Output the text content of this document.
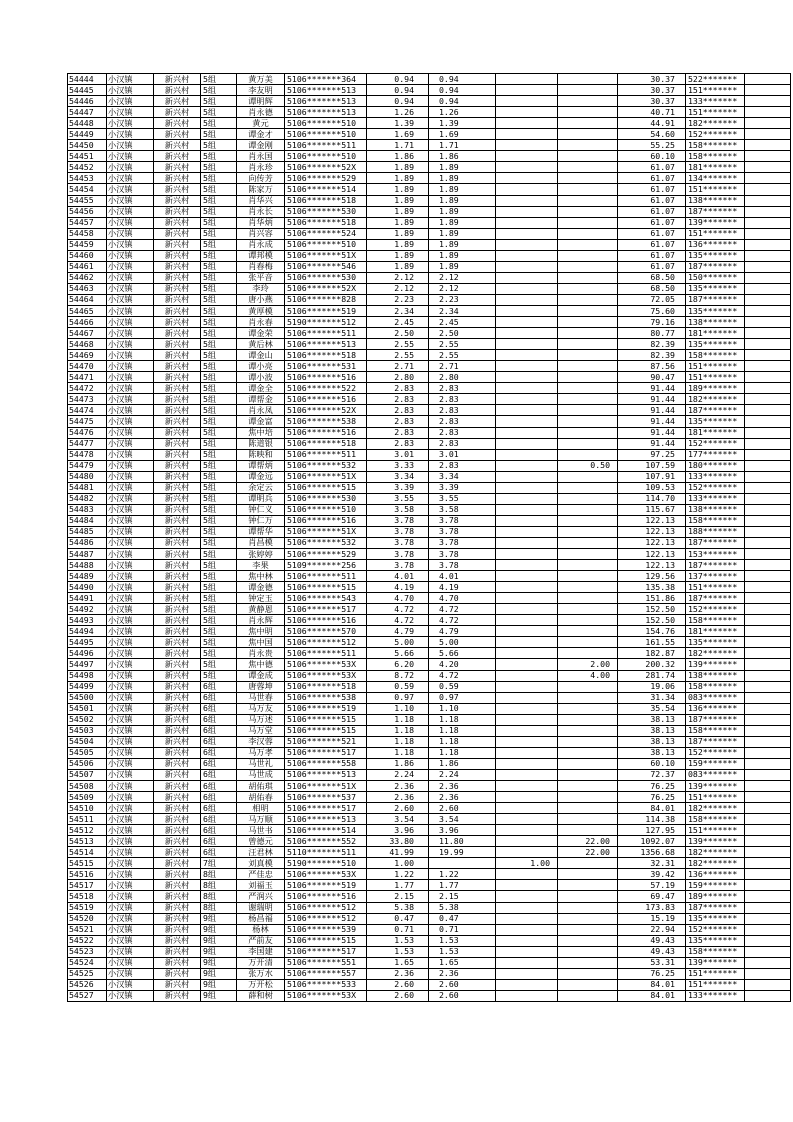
54444	小汉镇	新兴村	5组	黄万美	5106*******364	0.94	0.94			30.37	522*******	
54445	小汉镇	新兴村	5组	李友明	5106*******513	0.94	0.94			30.37	151*******	
54446	小汉镇	新兴村	5组	谭明辉	5106*******513	0.94	0.94			30.37	133*******	
54447	小汉镇	新兴村	5组	肖永德	5106*******513	1.26	1.26			40.71	151*******	
54448	小汉镇	新兴村	5组	黄元	5106*******510	1.39	1.39			44.91	182*******	
54449	小汉镇	新兴村	5组	谭金才	5106*******510	1.69	1.69			54.60	152*******	
54450	小汉镇	新兴村	5组	谭金刚	5106*******511	1.71	1.71			55.25	158*******	
54451	小汉镇	新兴村	5组	肖永国	5106*******510	1.86	1.86			60.10	158*******	
54452	小汉镇	新兴村	5组	肖永珍	5106*******52X	1.89	1.89			61.07	181*******	
54453	小汉镇	新兴村	5组	向传芳	5106*******529	1.89	1.89			61.07	134*******	
54454	小汉镇	新兴村	5组	陈家万	5106*******514	1.89	1.89			61.07	151*******	
54455	小汉镇	新兴村	5组	肖华兴	5106*******518	1.89	1.89			61.07	138*******	
54456	小汉镇	新兴村	5组	肖永长	5106*******530	1.89	1.89			61.07	187*******	
54457	小汉镇	新兴村	5组	肖华炳	5106*******518	1.89	1.89			61.07	139*******	
54458	小汉镇	新兴村	5组	肖兴容	5106*******524	1.89	1.89			61.07	151*******	
54459	小汉镇	新兴村	5组	肖永成	5106*******510	1.89	1.89			61.07	136*******	
54460	小汉镇	新兴村	5组	谭邦模	5106*******51X	1.89	1.89			61.07	135*******	
54461	小汉镇	新兴村	5组	肖春梅	5106*******546	1.89	1.89			61.07	187*******	
54462	小汉镇	新兴村	5组	张平音	5106*******530	2.12	2.12			68.50	150*******	
54463	小汉镇	新兴村	5组	李玲	5106*******52X	2.12	2.12			68.50	135*******	
54464	小汉镇	新兴村	5组	唐小燕	5106*******828	2.23	2.23			72.05	187*******	
54465	小汉镇	新兴村	5组	黄厚模	5106*******519	2.34	2.34			75.60	135*******	
54466	小汉镇	新兴村	5组	肖永春	5190*******512	2.45	2.45			79.16	138*******	
54467	小汉镇	新兴村	5组	谭金荣	5106*******511	2.50	2.50			80.77	181*******	
54468	小汉镇	新兴村	5组	黄后林	5106*******513	2.55	2.55			82.39	135*******	
54469	小汉镇	新兴村	5组	谭金山	5106*******518	2.55	2.55			82.39	158*******	
54470	小汉镇	新兴村	5组	谭小亮	5106*******531	2.71	2.71			87.56	151*******	
54471	小汉镇	新兴村	5组	谭小波	5106*******516	2.80	2.80			90.47	151*******	
54472	小汉镇	新兴村	5组	谭金全	5106*******522	2.83	2.83			91.44	189*******	
54473	小汉镇	新兴村	5组	谭帮金	5106*******516	2.83	2.83			91.44	182*******	
54474	小汉镇	新兴村	5组	肖永凤	5106*******52X	2.83	2.83			91.44	187*******	
54475	小汉镇	新兴村	5组	谭金富	5106*******538	2.83	2.83			91.44	135*******	
54476	小汉镇	新兴村	5组	焦中培	5106*******516	2.83	2.83			91.44	181*******	
54477	小汉镇	新兴村	5组	陈道银	5106*******518	2.83	2.83			91.44	152*******	
54478	小汉镇	新兴村	5组	陈映和	5106*******511	3.01	3.01			97.25	177*******	
54479	小汉镇	新兴村	5组	谭帮炳	5106*******532	3.33	2.83		0.50	107.59	180*******	
54480	小汉镇	新兴村	5组	谭金远	5106*******51X	3.34	3.34			107.91	133*******	
54481	小汉镇	新兴村	5组	余定云	5106*******515	3.39	3.39			109.53	152*******	
54482	小汉镇	新兴村	5组	谭明兵	5106*******530	3.55	3.55			114.70	133*******	
54483	小汉镇	新兴村	5组	钟仁义	5106*******510	3.58	3.58			115.67	138*******	
54484	小汉镇	新兴村	5组	钟仁万	5106*******516	3.78	3.78			122.13	158*******	
54485	小汉镇	新兴村	5组	谭帮华	5106*******51X	3.78	3.78			122.13	188*******	
54486	小汉镇	新兴村	5组	肖昌模	5106*******532	3.78	3.78			122.13	187*******	
54487	小汉镇	新兴村	5组	张婷婷	5106*******529	3.78	3.78			122.13	153*******	
54488	小汉镇	新兴村	5组	李果	5109*******256	3.78	3.78			122.13	187*******	
54489	小汉镇	新兴村	5组	焦中林	5106*******511	4.01	4.01			129.56	137*******	
54490	小汉镇	新兴村	5组	谭金德	5106*******515	4.19	4.19			135.38	151*******	
54491	小汉镇	新兴村	5组	钟定玉	5106*******543	4.70	4.70			151.86	187*******	
54492	小汉镇	新兴村	5组	黄静恩	5106*******517	4.72	4.72			152.50	152*******	
54493	小汉镇	新兴村	5组	肖永辉	5106*******516	4.72	4.72			152.50	158*******	
54494	小汉镇	新兴村	5组	焦中明	5106*******570	4.79	4.79			154.76	181*******	
54495	小汉镇	新兴村	5组	焦中国	5106*******512	5.00	5.00			161.55	135*******	
54496	小汉镇	新兴村	5组	肖永贵	5106*******511	5.66	5.66			182.87	182*******	
54497	小汉镇	新兴村	5组	焦中德	5106*******53X	6.20	4.20		2.00	200.32	139*******	
54498	小汉镇	新兴村	5组	谭金成	5106*******53X	8.72	4.72		4.00	281.74	138*******	
54499	小汉镇	新兴村	6组	唐蓉坤	5106*******518	0.59	0.59			19.06	158*******	
54500	小汉镇	新兴村	6组	马世春	5106*******538	0.97	0.97			31.34	083*******	
54501	小汉镇	新兴村	6组	马万友	5106*******519	1.10	1.10			35.54	136*******	
54502	小汉镇	新兴村	6组	马万述	5106*******515	1.18	1.18			38.13	187*******	
54503	小汉镇	新兴村	6组	马万堂	5106*******515	1.18	1.18			38.13	158*******	
54504	小汉镇	新兴村	6组	李汉蓉	5106*******521	1.18	1.18			38.13	187*******	
54505	小汉镇	新兴村	6组	马万孝	5106*******517	1.18	1.18			38.13	152*******	
54506	小汉镇	新兴村	6组	马世礼	5106*******558	1.86	1.86			60.10	159*******	
54507	小汉镇	新兴村	6组	马世成	5106*******513	2.24	2.24			72.37	083*******	
54508	小汉镇	新兴村	6组	胡佑琪	5106*******51X	2.36	2.36			76.25	139*******	
54509	小汉镇	新兴村	6组	胡佑春	5106*******537	2.36	2.36			76.25	151*******	
54510	小汉镇	新兴村	6组	相明	5106*******517	2.60	2.60			84.01	182*******	
54511	小汉镇	新兴村	6组	马万顺	5106*******513	3.54	3.54			114.38	158*******	
54512	小汉镇	新兴村	6组	马世书	5106*******514	3.96	3.96			127.95	151*******	
54513	小汉镇	新兴村	6组	曾德元	5106*******552	33.80	11.80		22.00	1092.07	139*******	
54514	小汉镇	新兴村	6组	汪君林	5110*******511	41.99	19.99		22.00	1356.68	182*******	
54515	小汉镇	新兴村	7组	刘真模	5190*******510	1.00		1.00		32.31	182*******	
54516	小汉镇	新兴村	8组	严佳忠	5106*******53X	1.22	1.22			39.42	136*******	
54517	小汉镇	新兴村	8组	刘福玉	5106*******519	1.77	1.77			57.19	159*******	
54518	小汉镇	新兴村	8组	严润兴	5106*******516	2.15	2.15			69.47	189*******	
54519	小汉镇	新兴村	8组	谢瑞明	5106*******512	5.38	5.38			173.83	187*******	
54520	小汉镇	新兴村	9组	杨昌福	5106*******512	0.47	0.47			15.19	135*******	
54521	小汉镇	新兴村	9组	杨林	5106*******539	0.71	0.71			22.94	152*******	
54522	小汉镇	新兴村	9组	严前友	5106*******515	1.53	1.53			49.43	135*******	
54523	小汉镇	新兴村	9组	李国建	5106*******517	1.53	1.53			49.43	158*******	
54524	小汉镇	新兴村	9组	万开清	5106*******551	1.65	1.65			53.31	139*******	
54525	小汉镇	新兴村	9组	张万水	5106*******557	2.36	2.36			76.25	151*******	
54526	小汉镇	新兴村	9组	万开松	5106*******533	2.60	2.60			84.01	151*******	
54527	小汉镇	新兴村	9组	薛和树	5106*******53X	2.60	2.60			84.01	133*******	
